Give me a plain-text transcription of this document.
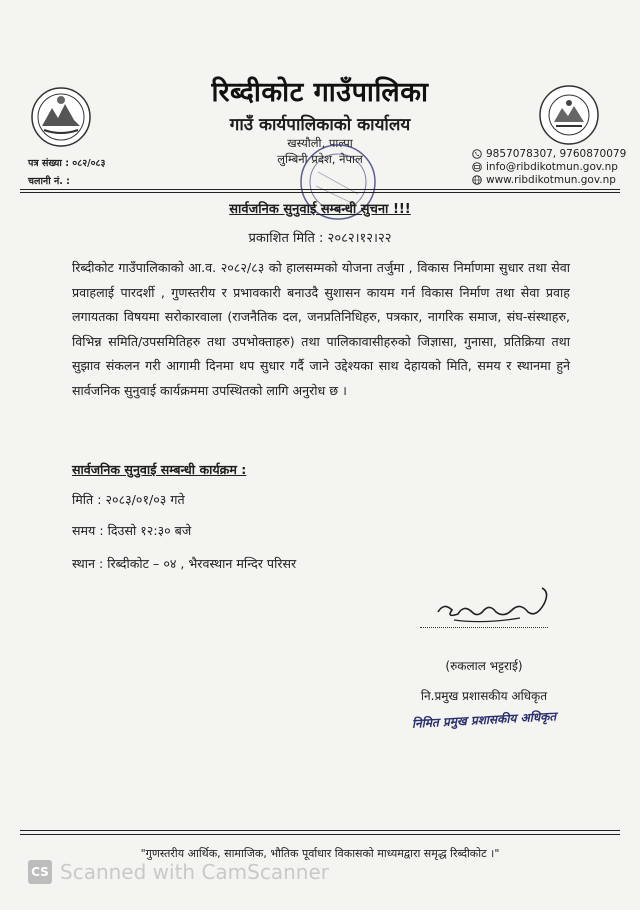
रिब्दीकोट गाउँपालिका
गाउँ कार्यपालिकाको कार्यालय
खस्यौली, पाल्पा
लुम्बिनी प्रदेश, नेपाल
पत्र संख्या : ०८२/०८३
चलानी नं. :
9857078307, 9760870079
info@ribdikotmun.gov.np
www.ribdikotmun.gov.np
सार्वजनिक सुनुवाई सम्बन्धी सुचना !!!
प्रकाशित मिति : २०८२।१२।२२

रिब्दीकोट गाउँपालिकाको आ.व. २०८२/८३ को हालसम्मको योजना तर्जुमा , विकास निर्माणमा सुधार तथा सेवा प्रवाहलाई पारदर्शी , गुणस्तरीय र प्रभावकारी बनाउदै सुशासन कायम गर्न विकास निर्माण तथा सेवा प्रवाह लगायतका विषयमा सरोकारवाला (राजनैतिक दल, जनप्रतिनिधिहरु, पत्रकार, नागरिक समाज, संघ-संस्थाहरु, विभिन्न समिति/उपसमितिहरु तथा उपभोक्ताहरु) तथा पालिकावासीहरुको जिज्ञासा, गुनासा, प्रतिक्रिया तथा सुझाव संकलन गरी आगामी दिनमा थप सुधार गर्दै जाने उद्देश्यका साथ देहायको मिति, समय र स्थानमा हुने सार्वजनिक सुनुवाई कार्यक्रममा उपस्थितको लागि अनुरोध छ ।

सार्वजनिक सुनुवाई सम्बन्धी कार्यक्रम :
मिति : २०८३/०१/०३ गते
समय : दिउसो १२:३० बजे
स्थान : रिब्दीकोट – ०४ , भैरवस्थान मन्दिर परिसर
(रुकलाल भट्टराई)
नि.प्रमुख प्रशासकीय अधिकृत
निमित प्रमुख प्रशासकीय अधिकृत
"गुणस्तरीय आर्थिक, सामाजिक, भौतिक पूर्वाधार विकासको माध्यमद्वारा समृद्ध रिब्दीकोट ।"
CS Scanned with CamScanner
